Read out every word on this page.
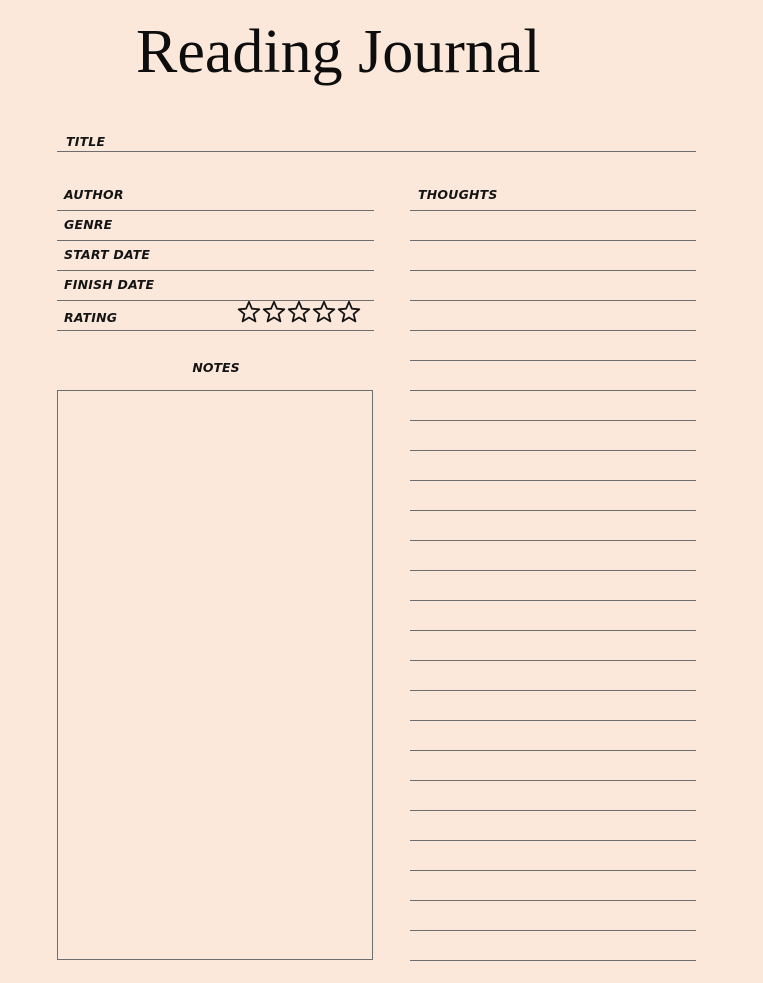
Reading Journal
TITLE
AUTHOR
GENRE
START DATE
FINISH DATE
RATING
NOTES
THOUGHTS
